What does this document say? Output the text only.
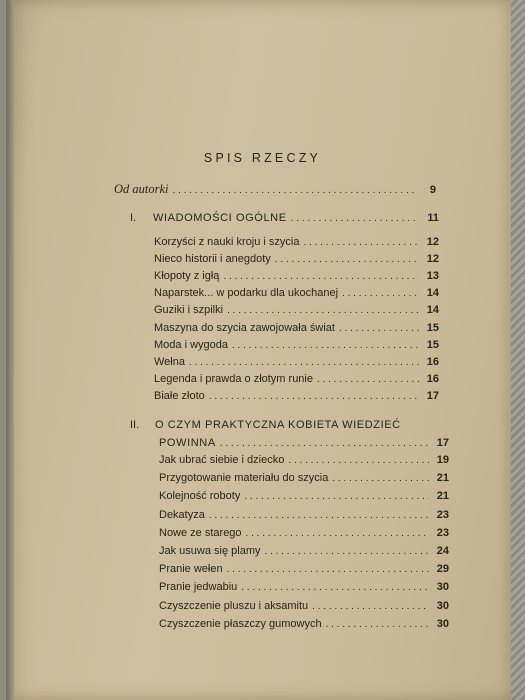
SPIS RZECZY
Od autorki . . .	9
I. WIADOMOŚCI OGÓLNE . . .	11
Korzyści z nauki kroju i szycia . . .	12
Nieco historii i anegdoty . . .	12
Kłopoty z igłą . . .	13
Naparstek... w podarku dla ukochanej . . .	14
Guziki i szpilki . . .	14
Maszyna do szycia zawojowała świat . . .	15
Moda i wygoda . . .	15
Wełna . . .	16
Legenda i prawda o złotym runie . . .	16
Białe złoto . . .	17
II. O CZYM PRAKTYCZNA KOBIETA WIEDZIEĆ
POWINNA . . .	17
Jak ubrać siebie i dziecko . . .	19
Przygotowanie materiału do szycia . . .	21
Kolejność roboty . . .	21
Dekatyza . . .	23
Nowe ze starego . . .	23
Jak usuwa się plamy . . .	24
Pranie wełen . . .	29
Pranie jedwabiu . . .	30
Czyszczenie pluszu i aksamitu . . .	30
Czyszczenie płaszczy gumowych . . .	30
